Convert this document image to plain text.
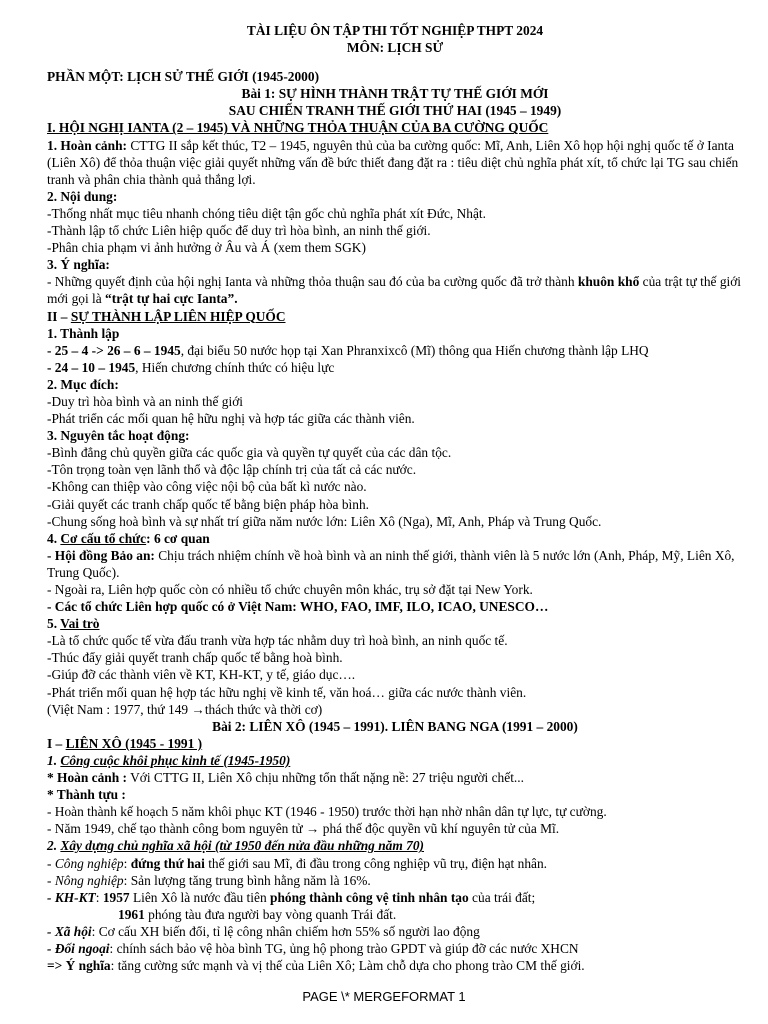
TÀI LIỆU ÔN TẬP THI TỐT NGHIỆP THPT 2024

MÔN: LỊCH SỬ

PHẦN MỘT: LỊCH SỬ THẾ GIỚI (1945-2000)

Bài 1: SỰ HÌNH THÀNH TRẬT TỰ THẾ GIỚI MỚI

SAU CHIẾN TRANH THẾ GIỚI THỨ HAI (1945 – 1949)

I. HỘI NGHỊ IANTA (2 – 1945) VÀ NHỮNG THỎA THUẬN CỦA BA CƯỜNG QUỐC

1. Hoàn cảnh: CTTG II sắp kết thúc, T2 – 1945, nguyên thủ của ba cường quốc: Mĩ, Anh, Liên Xô họp hội nghị quốc tế ở Ianta (Liên Xô) để thỏa thuận việc giải quyết những vấn đề bức thiết đang đặt ra : tiêu diệt chủ nghĩa phát xít, tổ chức lại TG sau chiến tranh và phân chia thành quả thắng lợi.

2. Nội dung:

-Thống nhất mục tiêu nhanh chóng tiêu diệt tận gốc chủ nghĩa phát xít Đức, Nhật.

-Thành lập tổ chức Liên hiệp quốc để duy trì hòa bình, an ninh thế giới.

-Phân chia phạm vi ảnh hưởng ở Âu và Á (xem them SGK)

3. Ý nghĩa:

- Những quyết định của hội nghị Ianta và những thỏa thuận sau đó của ba cường quốc đã trở thành khuôn khổ của trật tự thế giới mới gọi là “trật tự hai cực Ianta”.

II – SỰ THÀNH LẬP LIÊN HIỆP QUỐC

1. Thành lập

- 25 – 4 -> 26 – 6 – 1945, đại biểu 50 nước họp tại Xan Phranxixcô (Mĩ) thông qua Hiến chương thành lập LHQ

- 24 – 10 – 1945, Hiến chương chính thức có hiệu lực

2. Mục đích:

-Duy trì hòa bình và an ninh thế giới

-Phát triển các mối quan hệ hữu nghị và hợp tác giữa các thành viên.

3. Nguyên tắc hoạt động:

-Bình đẳng chủ quyền giữa các quốc gia và quyền tự quyết của các dân tộc.

-Tôn trọng toàn vẹn lãnh thổ và độc lập chính trị của tất cả các nước.

-Không can thiệp vào công việc nội bộ của bất kì nước nào.

-Giải quyết các tranh chấp quốc tế bằng biện pháp hòa bình.

-Chung sống hoà bình và sự nhất trí giữa năm nước lớn: Liên Xô (Nga), Mĩ, Anh, Pháp và Trung Quốc.

4. Cơ cấu tổ chức: 6 cơ quan

- Hội đồng Bảo an: Chịu trách nhiệm chính về hoà bình và an ninh thế giới, thành viên là 5 nước lớn (Anh, Pháp, Mỹ, Liên Xô, Trung Quốc).

- Ngoài ra, Liên hợp quốc còn có nhiều tổ chức chuyên môn khác, trụ sở đặt tại New York.

- Các tổ chức Liên hợp quốc có ở Việt Nam: WHO, FAO, IMF, ILO, ICAO, UNESCO…

5. Vai trò

-Là tổ chức quốc tế vừa đấu tranh vừa hợp tác nhằm duy trì hoà bình, an ninh quốc tế.

-Thúc đẩy giải quyết tranh chấp quốc tế bằng hoà bình.

-Giúp đỡ các thành viên về KT, KH-KT, y tế, giáo dục….

-Phát triển mối quan hệ hợp tác hữu nghị về kinh tế, văn hoá… giữa các nước thành viên.

(Việt Nam : 1977, thứ 149 →thách thức và thời cơ)

Bài 2: LIÊN XÔ (1945 – 1991). LIÊN BANG NGA (1991 – 2000)

I – LIÊN XÔ (1945 - 1991 )

1. Công cuộc khôi phục kinh tế (1945-1950)

* Hoàn cảnh : Với CTTG II, Liên Xô chịu những tổn thất nặng nề: 27 triệu người chết...

* Thành tựu :

- Hoàn thành kế hoạch 5 năm khôi phục KT (1946 - 1950) trước thời hạn nhờ nhân dân tự lực, tự cường.

- Năm 1949, chế tạo thành công bom nguyên tử → phá thế độc quyền vũ khí nguyên tử của Mĩ.

2. Xây dựng chủ nghĩa xã hội (từ 1950 đến nửa đầu những năm 70)

- Công nghiệp: đứng thứ hai thế giới sau Mĩ, đi đầu trong công nghiệp vũ trụ, điện hạt nhân.

- Nông nghiệp: Sản lượng tăng trung bình hằng năm là 16%.

- KH-KT: 1957 Liên Xô là nước đầu tiên phóng thành công vệ tinh nhân tạo của trái đất;

1961 phóng tàu đưa người bay vòng quanh Trái đất.

- Xã hội: Cơ cấu XH biến đổi, tỉ lệ công nhân chiếm hơn 55% số người lao động

- Đối ngoại: chính sách bảo vệ hòa bình TG, ủng hộ phong trào GPDT và giúp đỡ các nước XHCN

=> Ý nghĩa: tăng cường sức mạnh và vị thế của Liên Xô; Làm chỗ dựa cho phong trào CM thế giới.

PAGE \* MERGEFORMAT 1
